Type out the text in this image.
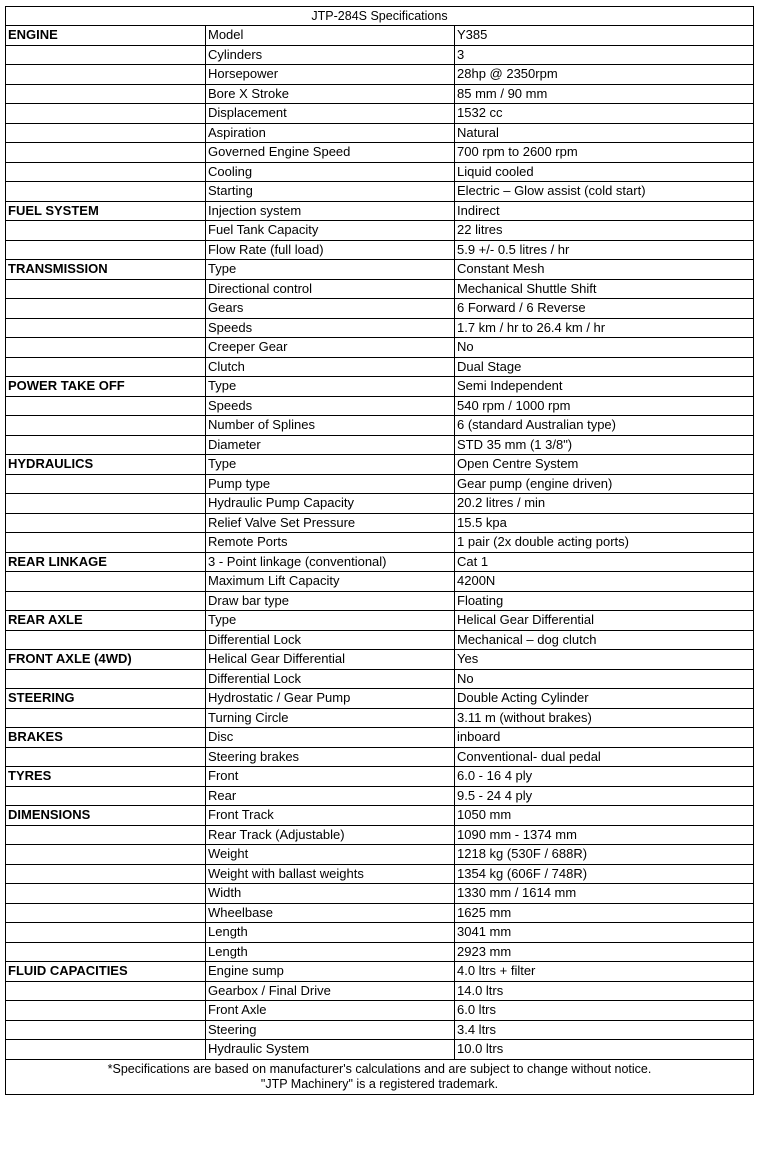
JTP-284S Specifications		
ENGINE	Model	Y385
	Cylinders	3
	Horsepower	28hp @ 2350rpm
	Bore X Stroke	85 mm / 90 mm
	Displacement	1532 cc
	Aspiration	Natural
	Governed Engine Speed	700 rpm to 2600 rpm
	Cooling	Liquid cooled
	Starting	Electric – Glow assist (cold start)
FUEL SYSTEM	Injection system	Indirect
	Fuel Tank Capacity	22 litres
	Flow Rate (full load)	5.9 +/- 0.5 litres / hr
TRANSMISSION	Type	Constant Mesh
	Directional control	Mechanical Shuttle Shift
	Gears	6 Forward / 6 Reverse
	Speeds	1.7 km / hr to 26.4 km / hr
	Creeper Gear	No
	Clutch	Dual Stage
POWER TAKE OFF	Type	Semi Independent
	Speeds	540 rpm / 1000 rpm
	Number of Splines	6 (standard Australian type)
	Diameter	STD 35 mm (1 3/8")
HYDRAULICS	Type	Open Centre System
	Pump type	Gear pump (engine driven)
	Hydraulic Pump Capacity	20.2 litres / min
	Relief Valve Set Pressure	15.5 kpa
	Remote Ports	1 pair (2x double acting ports)
REAR LINKAGE	3 - Point linkage (conventional)	Cat 1
	Maximum Lift Capacity	4200N
	Draw bar type	Floating
REAR AXLE	Type	Helical Gear Differential
	Differential Lock	Mechanical – dog clutch
FRONT AXLE (4WD)	Helical Gear Differential	Yes
	Differential Lock	No
STEERING	Hydrostatic / Gear Pump	Double Acting Cylinder
	Turning Circle	3.11 m (without brakes)
BRAKES	Disc	inboard
	Steering brakes	Conventional- dual pedal
TYRES	Front	6.0 - 16 4 ply
	Rear	9.5 - 24 4 ply
DIMENSIONS	Front Track	1050 mm
	Rear Track (Adjustable)	1090 mm - 1374 mm
	Weight	1218 kg (530F / 688R)
	Weight with ballast weights	1354 kg (606F / 748R)
	Width	1330 mm / 1614 mm
	Wheelbase	1625 mm
	Length	3041 mm
	Length	2923 mm
FLUID CAPACITIES	Engine sump	4.0 ltrs + filter
	Gearbox / Final Drive	14.0 ltrs
	Front Axle	6.0 ltrs
	Steering	3.4 ltrs
	Hydraulic System	10.0 ltrs

*Specifications are based on manufacturer's calculations and are subject to change without notice.
"JTP Machinery" is a registered trademark.		
